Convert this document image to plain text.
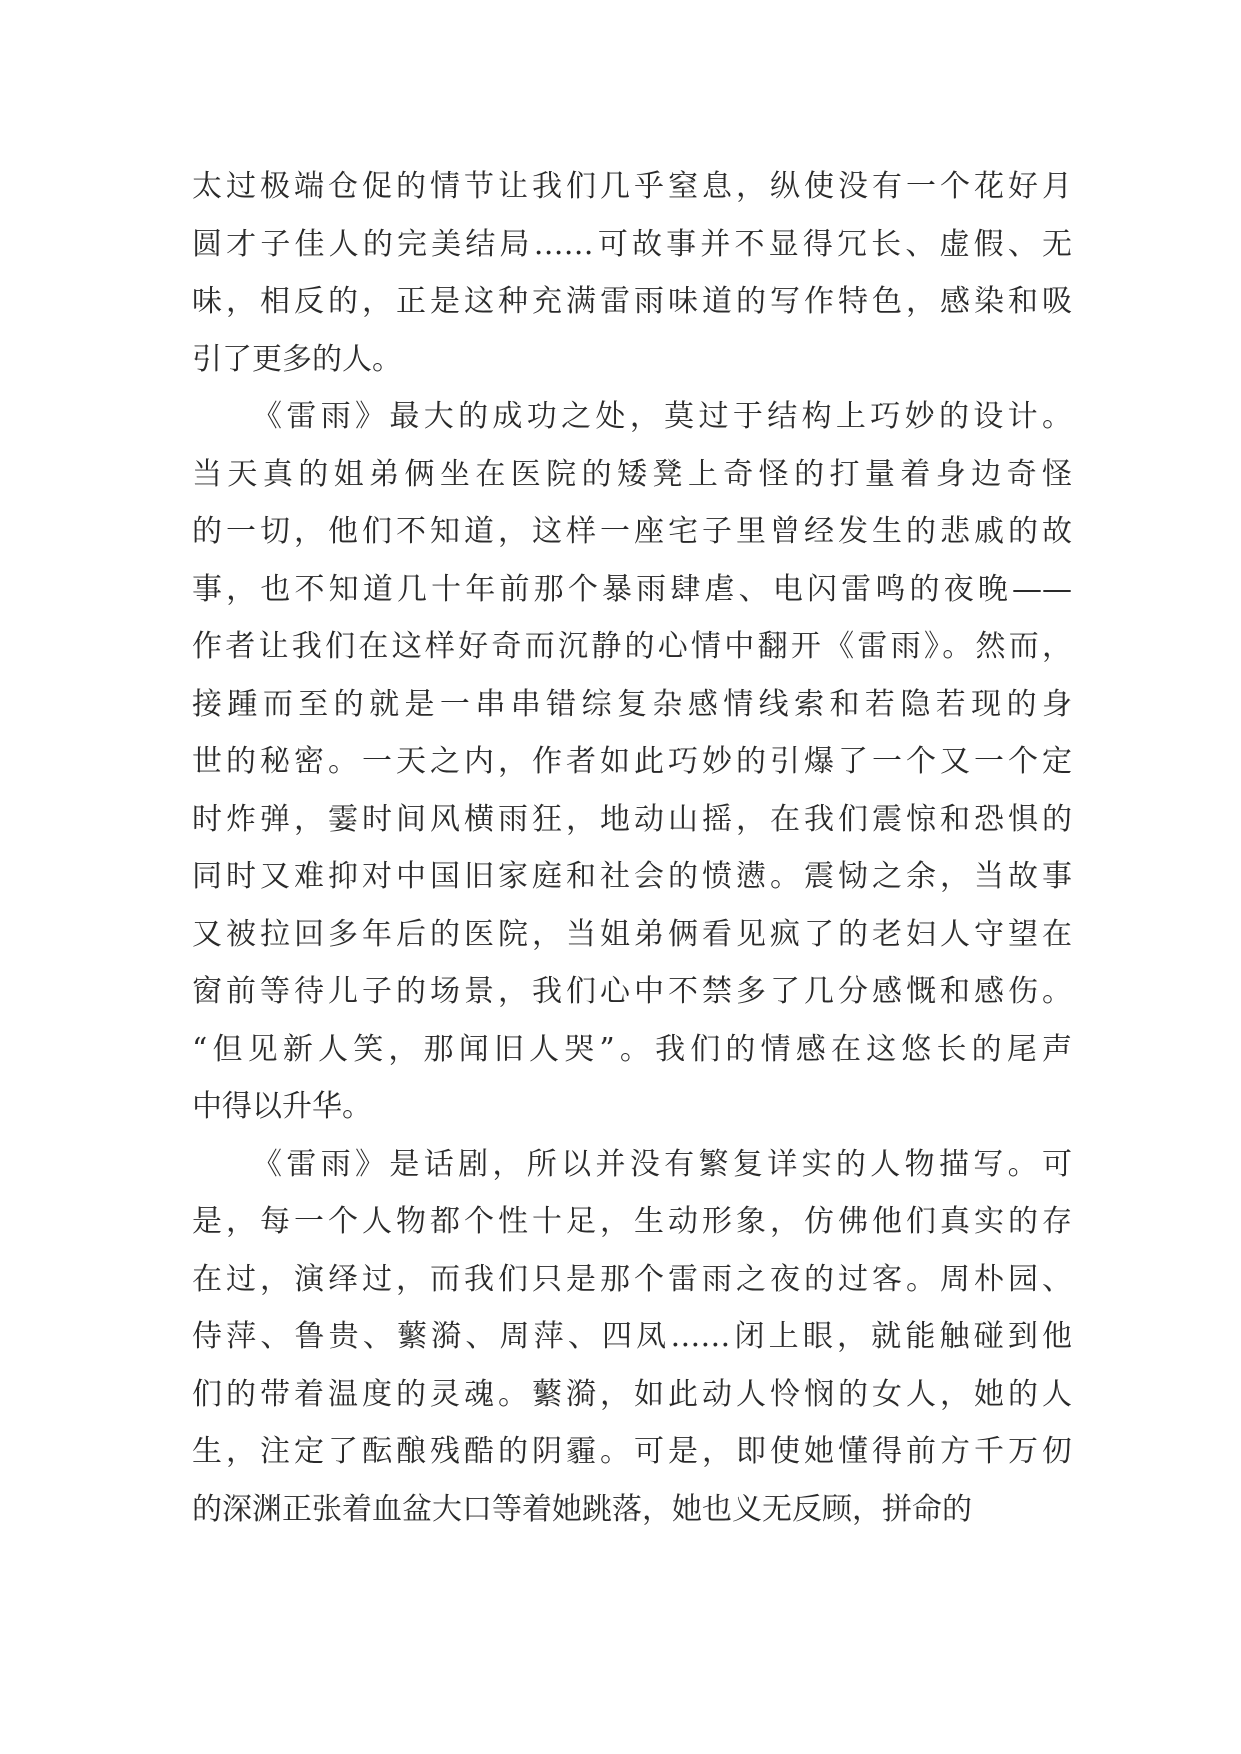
太过极端仓促的情节让我们几乎窒息，纵使没有一个花好月
圆才子佳人的完美结局……可故事并不显得冗长、虚假、无
味，相反的，正是这种充满雷雨味道的写作特色，感染和吸
引了更多的人。
《雷雨》最大的成功之处，莫过于结构上巧妙的设计。
当天真的姐弟俩坐在医院的矮凳上奇怪的打量着身边奇怪
的一切，他们不知道，这样一座宅子里曾经发生的悲戚的故
事，也不知道几十年前那个暴雨肆虐、电闪雷鸣的夜晚——
作者让我们在这样好奇而沉静的心情中翻开《雷雨》。然而，
接踵而至的就是一串串错综复杂感情线索和若隐若现的身
世的秘密。一天之内，作者如此巧妙的引爆了一个又一个定
时炸弹，霎时间风横雨狂，地动山摇，在我们震惊和恐惧的
同时又难抑对中国旧家庭和社会的愤懑。震恸之余，当故事
又被拉回多年后的医院，当姐弟俩看见疯了的老妇人守望在
窗前等待儿子的场景，我们心中不禁多了几分感慨和感伤。
“但见新人笑，那闻旧人哭”。我们的情感在这悠长的尾声
中得以升华。
《雷雨》是话剧，所以并没有繁复详实的人物描写。可
是，每一个人物都个性十足，生动形象，仿佛他们真实的存
在过，演绎过，而我们只是那个雷雨之夜的过客。周朴园、
侍萍、鲁贵、蘩漪、周萍、四凤……闭上眼，就能触碰到他
们的带着温度的灵魂。蘩漪，如此动人怜悯的女人，她的人
生，注定了酝酿残酷的阴霾。可是，即使她懂得前方千万仞
的深渊正张着血盆大口等着她跳落，她也义无反顾，拼命的
